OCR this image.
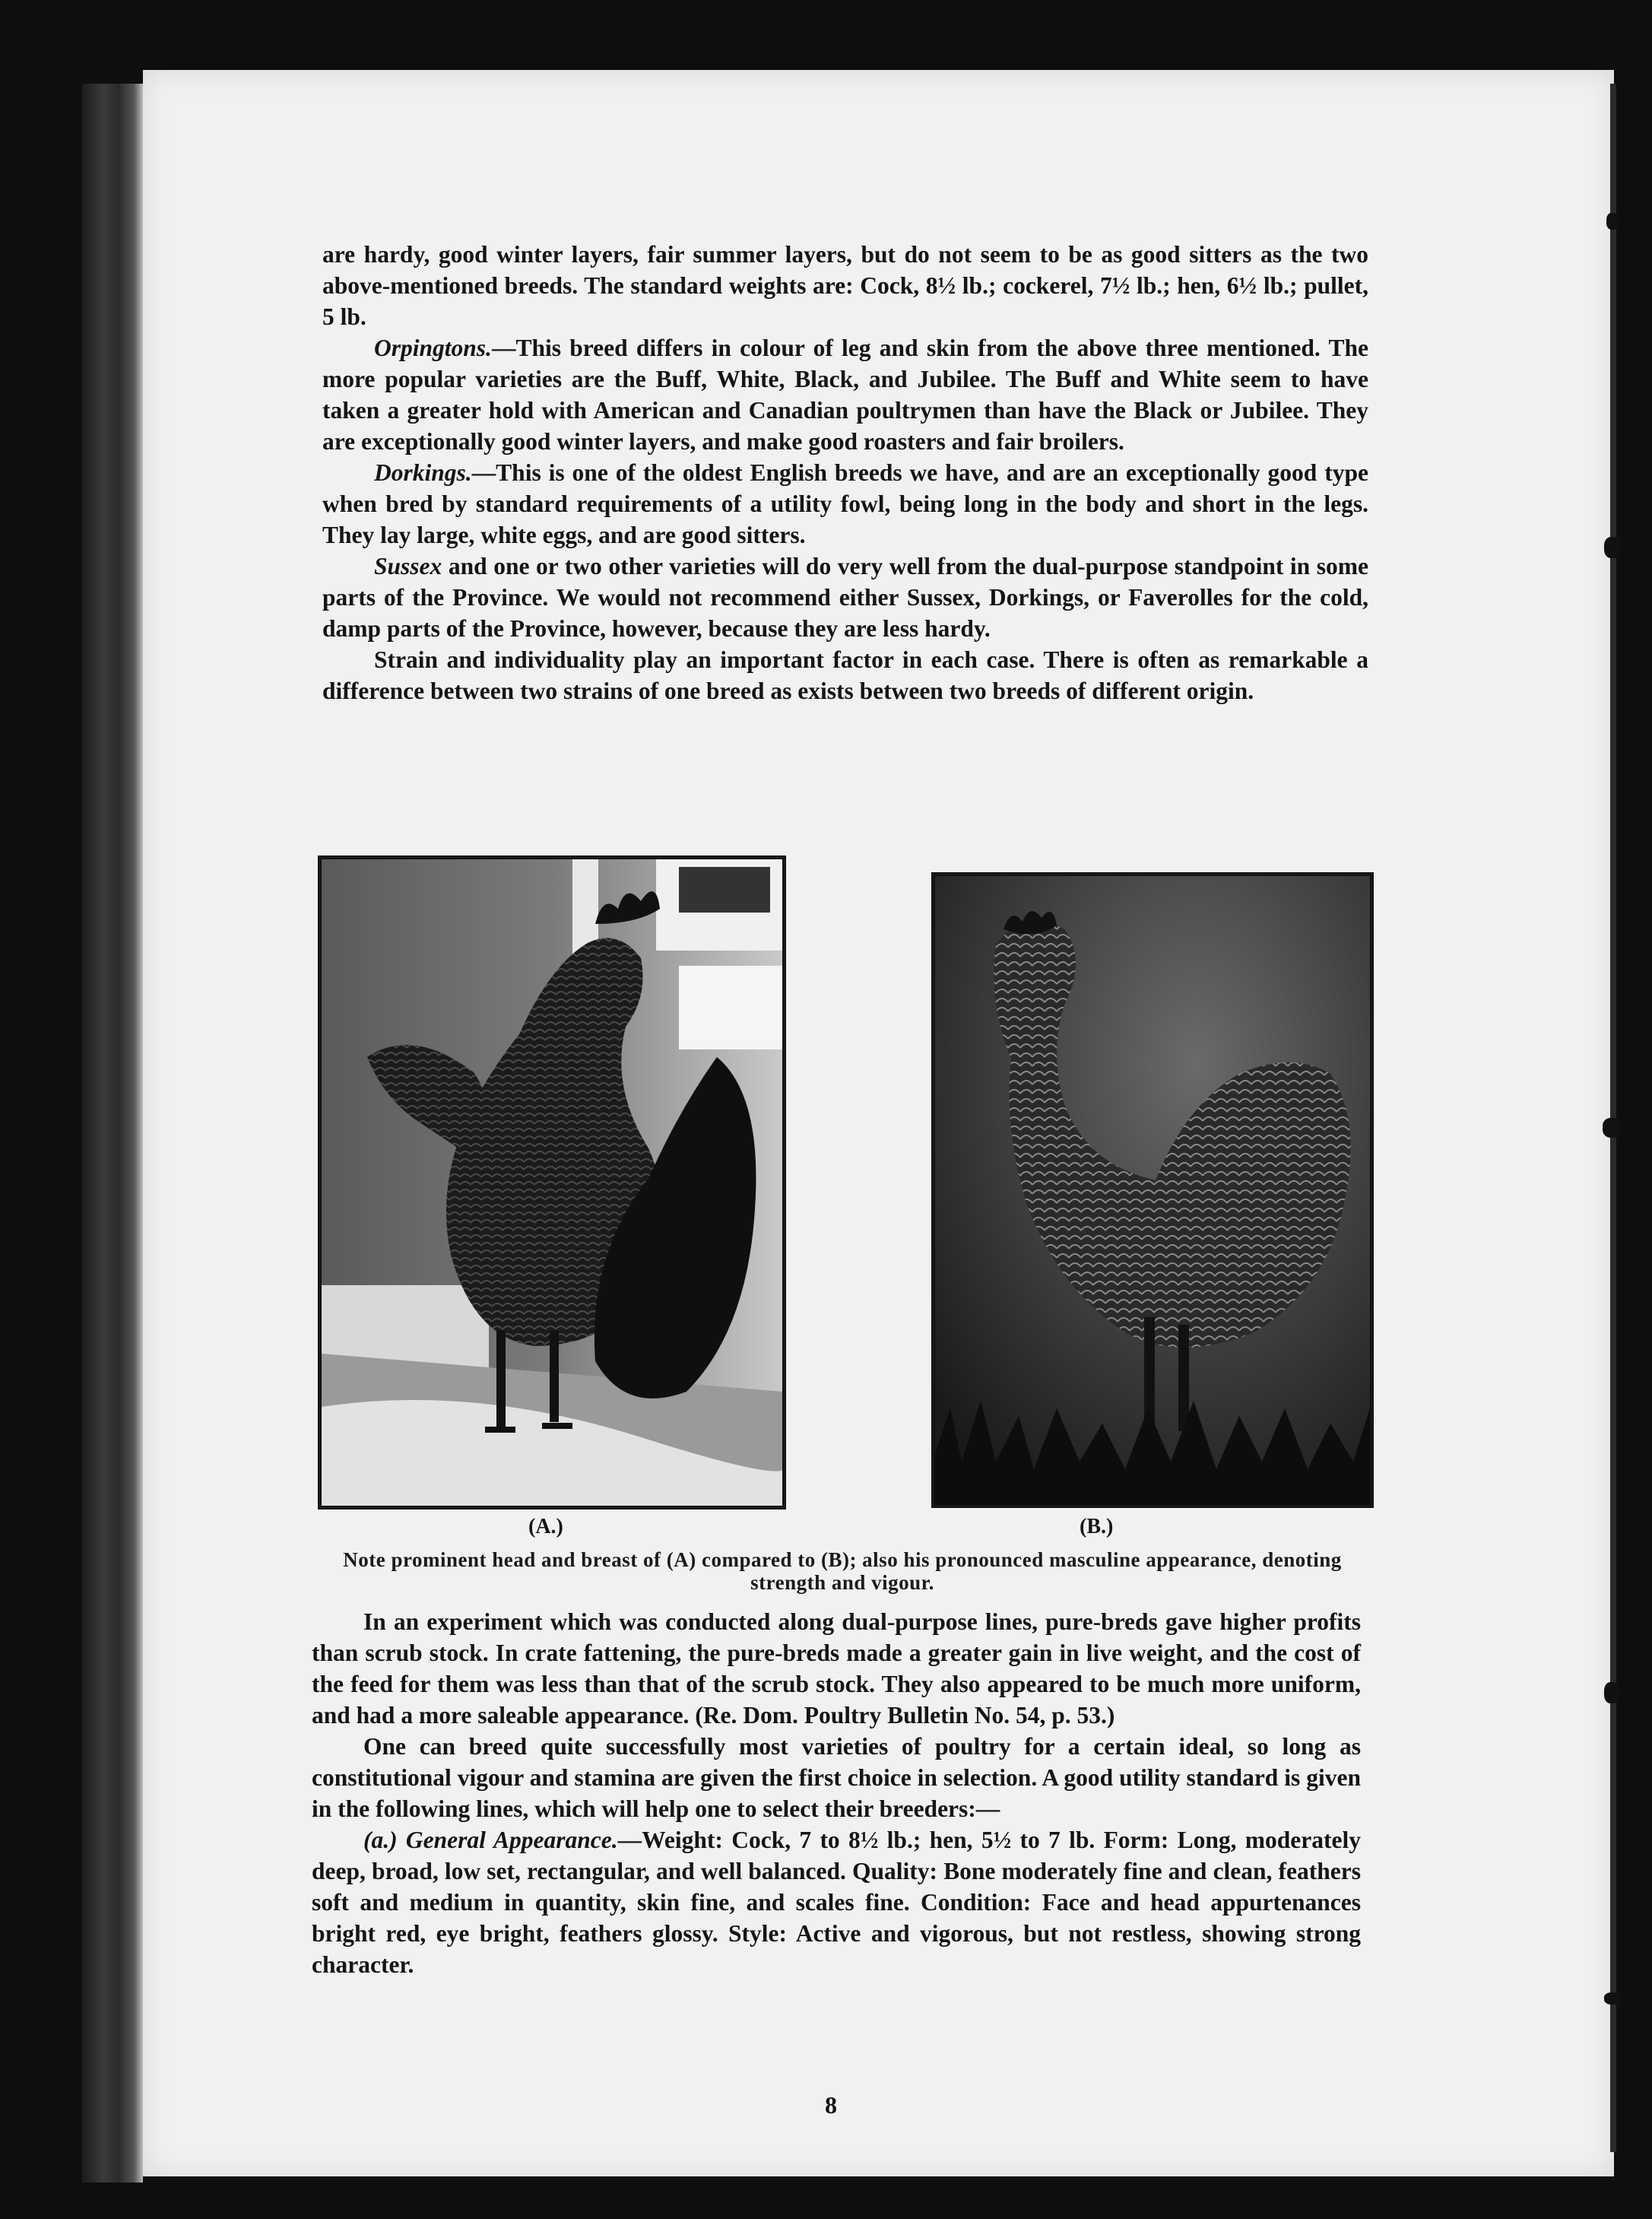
are hardy, good winter layers, fair summer layers, but do not seem to be as good sitters as the two above-mentioned breeds. The standard weights are: Cock, 8½ lb.; cockerel, 7½ lb.; hen, 6½ lb.; pullet, 5 lb.

Orpingtons.—This breed differs in colour of leg and skin from the above three mentioned. The more popular varieties are the Buff, White, Black, and Jubilee. The Buff and White seem to have taken a greater hold with American and Canadian poultrymen than have the Black or Jubilee. They are exceptionally good winter layers, and make good roasters and fair broilers.

Dorkings.—This is one of the oldest English breeds we have, and are an exceptionally good type when bred by standard requirements of a utility fowl, being long in the body and short in the legs. They lay large, white eggs, and are good sitters.

Sussex and one or two other varieties will do very well from the dual-purpose standpoint in some parts of the Province. We would not recommend either Sussex, Dorkings, or Faverolles for the cold, damp parts of the Province, however, because they are less hardy.

Strain and individuality play an important factor in each case. There is often as remarkable a difference between two strains of one breed as exists between two breeds of different origin.

(A.)	(B.)
Note prominent head and breast of (A) compared to (B); also his pronounced masculine appearance, denoting strength and vigour.

In an experiment which was conducted along dual-purpose lines, pure-breds gave higher profits than scrub stock. In crate fattening, the pure-breds made a greater gain in live weight, and the cost of the feed for them was less than that of the scrub stock. They also appeared to be much more uniform, and had a more saleable appearance. (Re. Dom. Poultry Bulletin No. 54, p. 53.)

One can breed quite successfully most varieties of poultry for a certain ideal, so long as constitutional vigour and stamina are given the first choice in selection. A good utility standard is given in the following lines, which will help one to select their breeders:—

(a.) General Appearance.—Weight: Cock, 7 to 8½ lb.; hen, 5½ to 7 lb. Form: Long, moderately deep, broad, low set, rectangular, and well balanced. Quality: Bone moderately fine and clean, feathers soft and medium in quantity, skin fine, and scales fine. Condition: Face and head appurtenances bright red, eye bright, feathers glossy. Style: Active and vigorous, but not restless, showing strong character.

8
